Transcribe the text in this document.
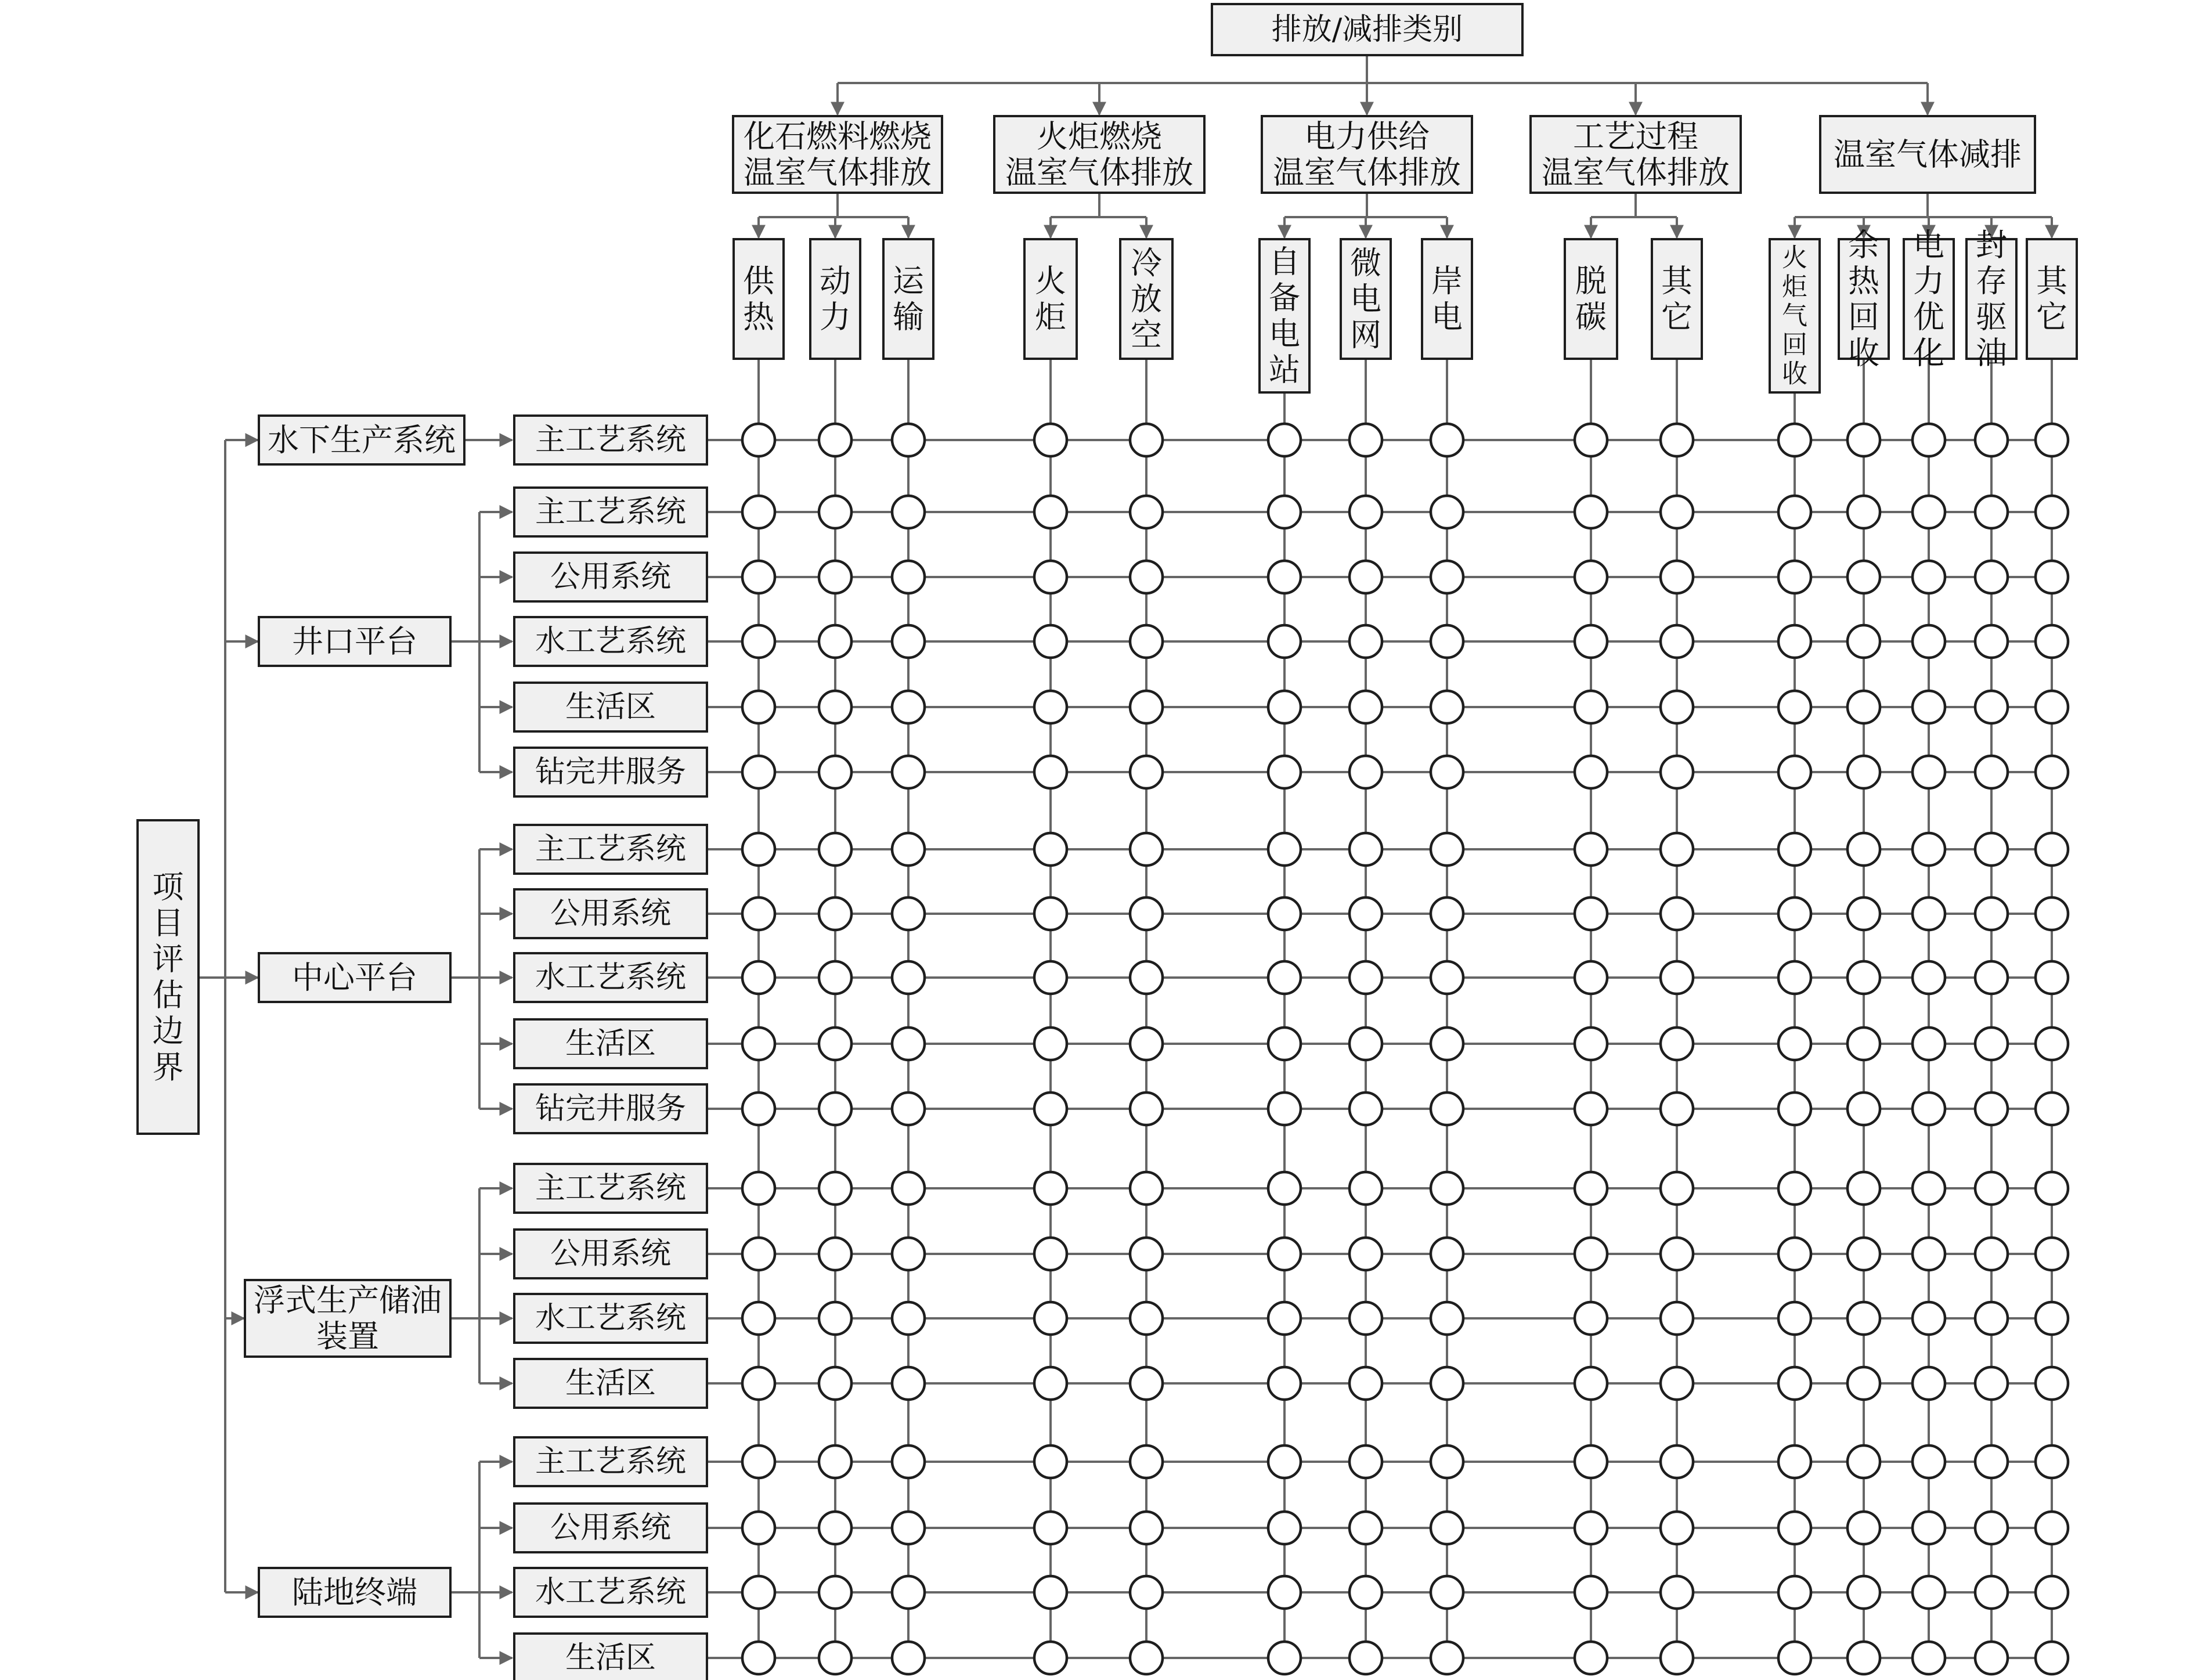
排放/减排类别
化石燃料燃烧
温室气体排放
供
热
动
力
运
输
火炬燃烧
温室气体排放
火
炬
冷
放
空
电力供给
温室气体排放
自
备
电
站
微
电
网
岸
电
工艺过程
温室气体排放
脱
碳
其
它
温室气体减排
火
炬
气
回
收
余
热
回
收
电
力
优
化
封
存
驱
油
其
它
项
目
评
估
边
界
水下生产系统	主工艺系统
井口平台
主工艺系统
公用系统
水工艺系统
生活区
钻完井服务
中心平台
主工艺系统
公用系统
水工艺系统
生活区
钻完井服务
浮式生产储油
装置
主工艺系统
公用系统
水工艺系统
生活区
陆地终端
主工艺系统
公用系统
水工艺系统
生活区
